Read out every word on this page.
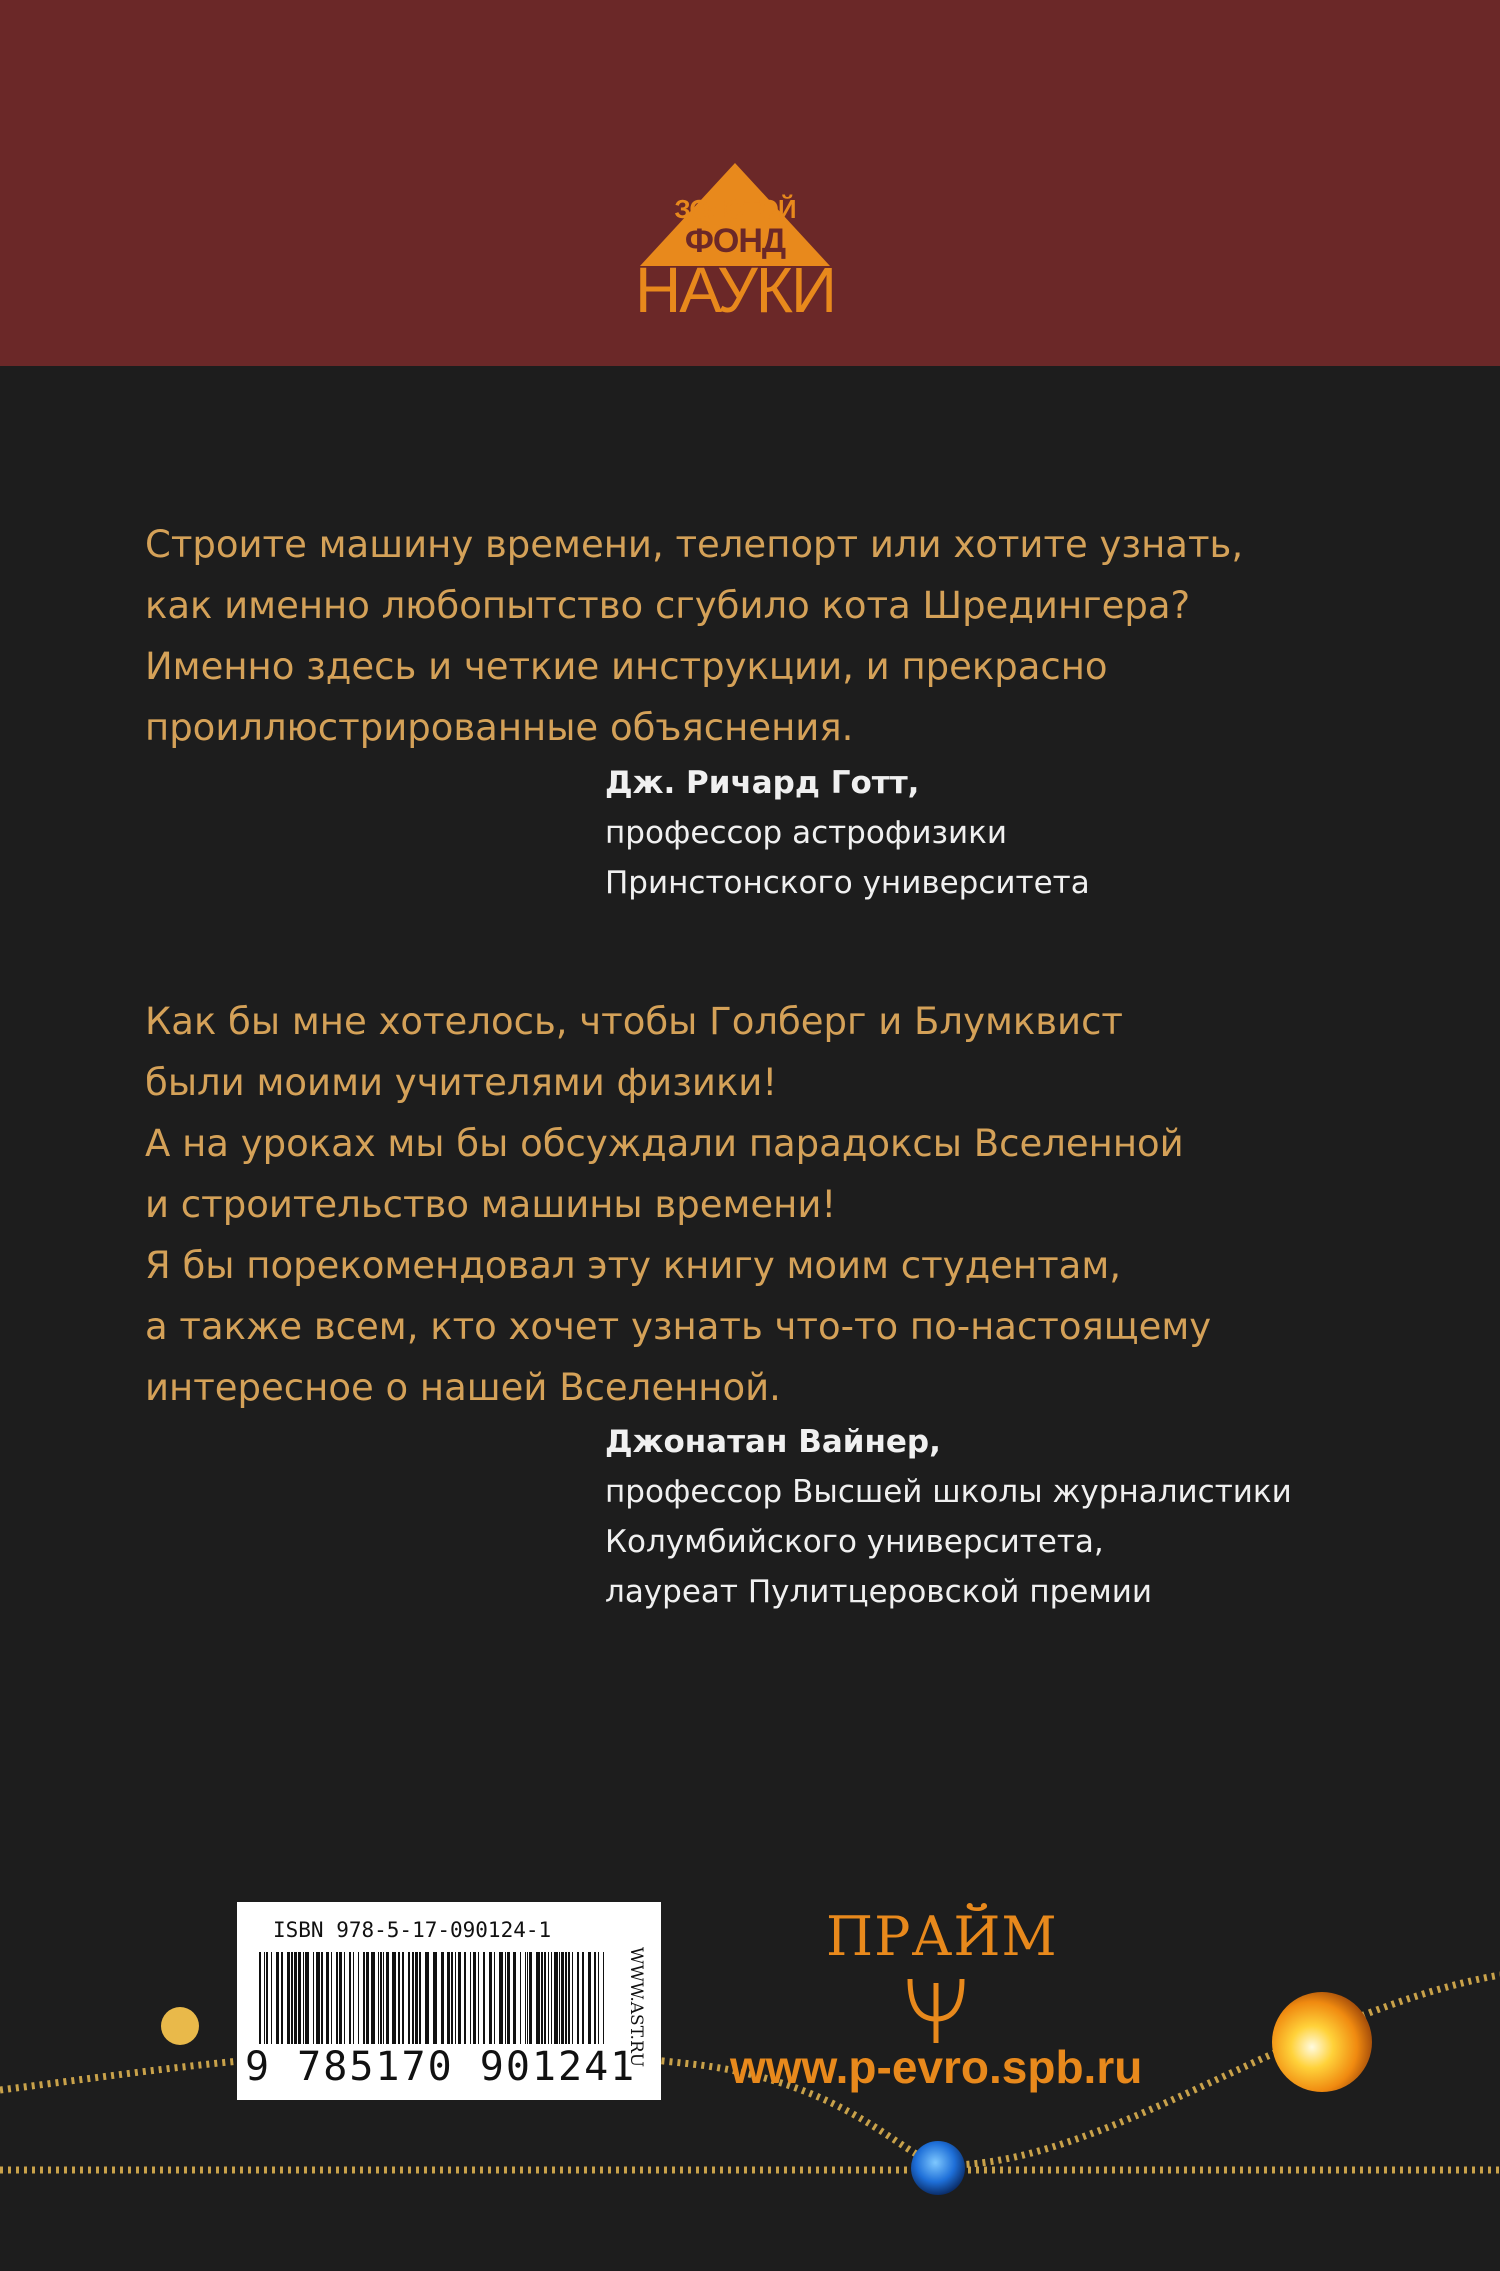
ЗОЛОТОЙ
ФОНД
НАУКИ
Строите машину времени, телепорт или хотите узнать,
как именно любопытство сгубило кота Шредингера?
Именно здесь и четкие инструкции, и прекрасно
проиллюстрированные объяснения.
Дж. Ричард Готт,
профессор астрофизики
Принстонского университета
Как бы мне хотелось, чтобы Голберг и Блумквист
были моими учителями физики!
А на уроках мы бы обсуждали парадоксы Вселенной
и строительство машины времени!
Я бы порекомендовал эту книгу моим студентам,
а также всем, кто хочет узнать что-то по-настоящему
интересное о нашей Вселенной.
Джонатан Вайнер,
профессор Высшей школы журналистики
Колумбийского университета,
лауреат Пулитцеровской премии
ISBN 978-5-17-090124-1
9 785170 901241
WWW.AST.RU
ПРАЙМ
www.p-evro.spb.ru
